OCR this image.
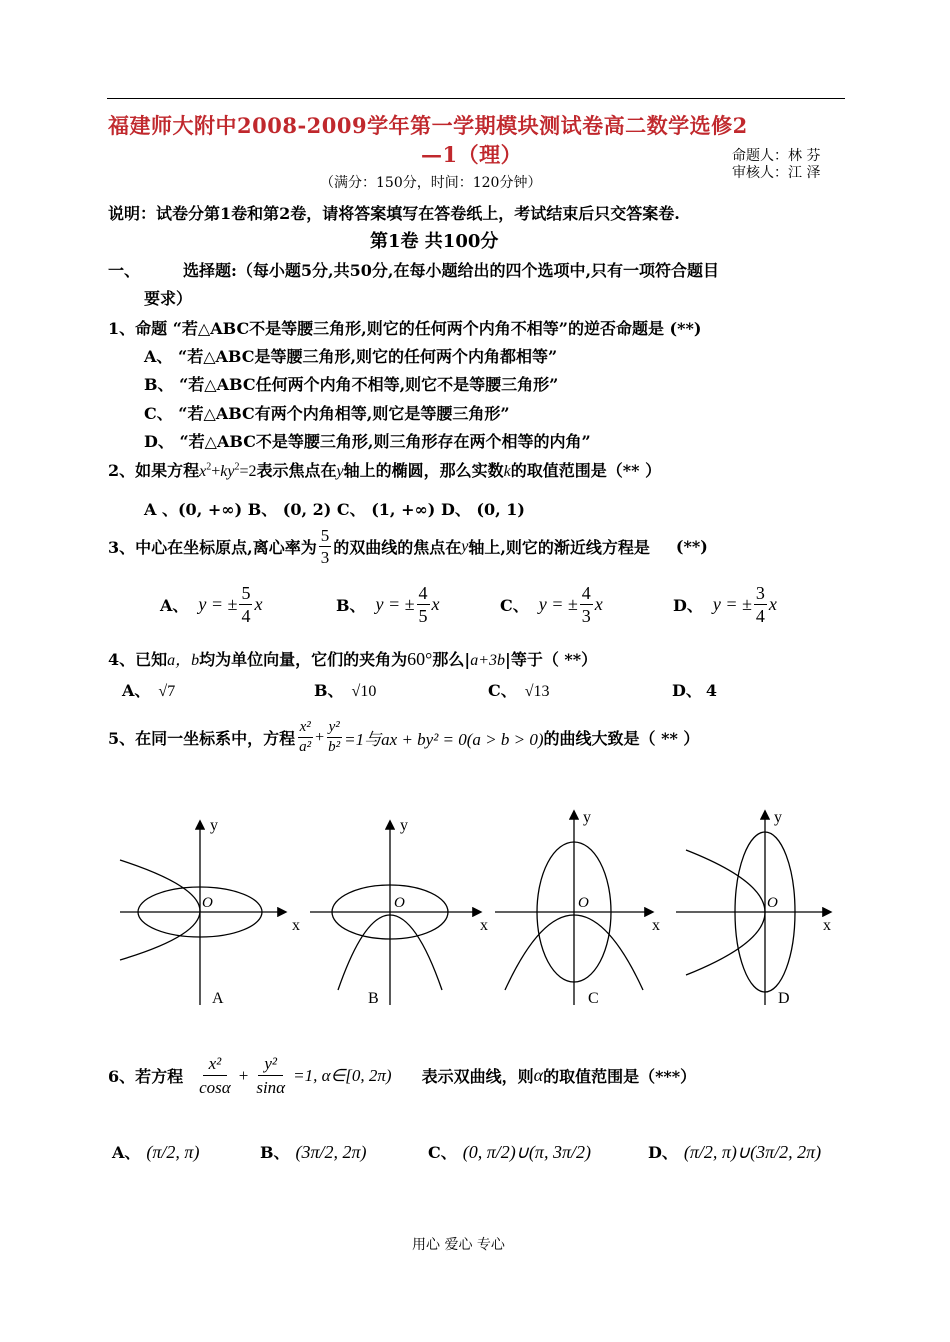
福建师大附中2008-2009学年第一学期模块测试卷高二数学选修2
—1（理）	命题人：林 芬
审核人：江 泽
（满分：150分，时间：120分钟）
说明：试卷分第1卷和第2卷，请将答案填写在答卷纸上，考试结束后只交答案卷.
第1卷 共100分
一、	选择题:（每小题5分,共50分,在每小题给出的四个选项中,只有一项符合题目
要求）
1、命题 “若△ABC不是等腰三角形,则它的任何两个内角不相等”的逆否命题是 (**)
A、 “若△ABC是等腰三角形,则它的任何两个内角都相等”
B、 “若△ABC任何两个内角不相等,则它不是等腰三角形”
C、 “若△ABC有两个内角相等,则它是等腰三角形”
D、 “若△ABC不是等腰三角形,则三角形存在两个相等的内角”
2、如果方程$x^2+ky^2=2$表示焦点在y轴上的椭圆，那么实数k的取值范围是（** ）
A 、(0, +∞) B、 (0, 2) C、 (1, +∞) D、 (0, 1)
3、中心在坐标原点,离心率为 $\frac{5}{3}$ 的双曲线的焦点在 y 轴上,则它的渐近线方程是 (**)
A、 y = ± $\frac{5}{4}$ x	B、 y = ± $\frac{4}{5}$ x	C、 y = ± $\frac{4}{3}$ x	D、 y = ± $\frac{3}{4}$ x
4、已知a，b均为单位向量，它们的夹角为60°那么|a+3b|等于（ **）
A、 √7	B、 √10	C、 √13	D、 4
5、在同一坐标系中，方程 $\frac{\text{x²}}{\text{a²}} + \frac{\text{y²}}{\text{b²}} =1$与ax + by² = 0(a > b > 0) 的曲线大致是（ ** ）
y
x
O
A
y
x
O
B
y
x
O
C
y
x
O
D
6、若方程 $\frac{\text{x²}}{\cos\alpha} + \frac{\text{y²}}{\sin\alpha} =1$, α∈[0, 2π) 表示双曲线，则 α 的取值范围是（***）
A、 (π/2, π)	B、 (3π/2, 2π)	C、 (0, π/2)∪(π, 3π/2)	D、 (π/2, π)∪(3π/2, 2π)
用心 爱心 专心
